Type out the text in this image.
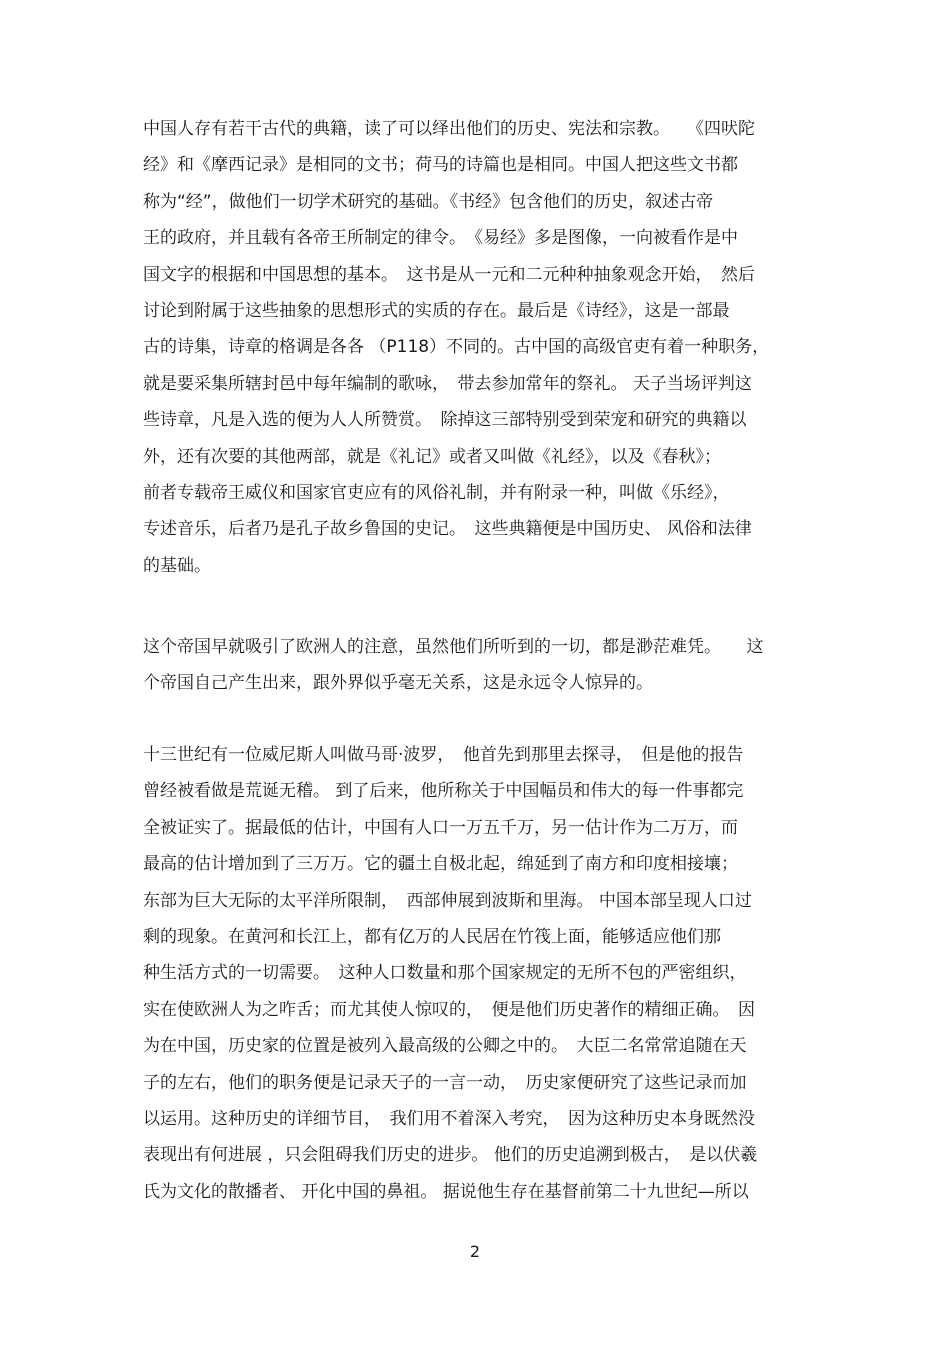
中国人存有若干古代的典籍，读了可以绎出他们的历史、宪法和宗教。　　《四吠陀
经》和《摩西记录》是相同的文书；荷马的诗篇也是相同。中国人把这些文书都
称为“经”，做他们一切学术研究的基础。《书经》包含他们的历史，叙述古帝
王的政府，并且载有各帝王所制定的律令。　《易经》多是图像，一向被看作是中
国文字的根据和中国思想的基本。　这书是从一元和二元种种抽象观念开始，　然后
讨论到附属于这些抽象的思想形式的实质的存在。最后是《诗经》，这是一部最
古的诗集，诗章的格调是各各 （P118）不同的。古中国的高级官吏有着一种职务，
就是要采集所辖封邑中每年编制的歌咏，　带去参加常年的祭礼。 天子当场评判这
些诗章，凡是入选的便为人人所赞赏。　除掉这三部特别受到荣宠和研究的典籍以
外，还有次要的其他两部，就是《礼记》或者又叫做《礼经》，以及《春秋》；
前者专载帝王威仪和国家官吏应有的风俗礼制，并有附录一种，叫做《乐经》，
专述音乐，后者乃是孔子故乡鲁国的史记。　这些典籍便是中国历史、 风俗和法律
的基础。
这个帝国早就吸引了欧洲人的注意，虽然他们所听到的一切，都是渺茫难凭。　　这
个帝国自己产生出来，跟外界似乎毫无关系，这是永远令人惊异的。
十三世纪有一位威尼斯人叫做马哥·波罗，　他首先到那里去探寻，　但是他的报告
曾经被看做是荒诞无稽。 到了后来，他所称关于中国幅员和伟大的每一件事都完
全被证实了。据最低的估计，中国有人口一万五千万，另一估计作为二万万，而
最高的估计增加到了三万万。它的疆土自极北起，绵延到了南方和印度相接壤；
东部为巨大无际的太平洋所限制，　西部伸展到波斯和里海。 中国本部呈现人口过
剩的现象。在黄河和长江上，都有亿万的人民居在竹筏上面，能够适应他们那
种生活方式的一切需要。　这种人口数量和那个国家规定的无所不包的严密组织，
实在使欧洲人为之咋舌；而尤其使人惊叹的，　便是他们历史著作的精细正确。　因
为在中国，历史家的位置是被列入最高级的公卿之中的。　大臣二名常常追随在天
子的左右，他们的职务便是记录天子的一言一动，　历史家便研究了这些记录而加
以运用。这种历史的详细节目，　我们用不着深入考究，　因为这种历史本身既然没
表现出有何进展 ，只会阻碍我们历史的进步。 他们的历史追溯到极古，　是以伏羲
氏为文化的散播者、 开化中国的鼻祖。 据说他生存在基督前第二十九世纪—所以
2
